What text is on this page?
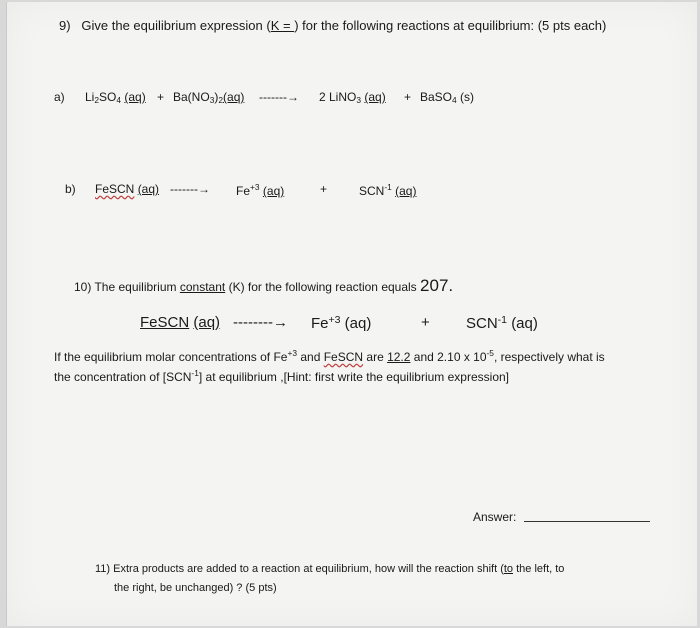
9) Give the equilibrium expression (K = ) for the following reactions at equilibrium: (5 pts each)
a) $Li_2SO_4$ $(aq) + Ba(NO_3)_2(aq)$ -------→ 2 LiNO$_3$ (aq) + BaSO$_4$ (s)
b) FeSCN (aq) -------→ $Fe^{+3}$ (aq)	+	$SCN^{-1}$ (aq)
10) The equilibrium constant (K) for the following reaction equals 207.
FeSCN (aq) --------→ $Fe^{+3}$ (aq)	+ $SCN^{-1}$ (aq)
If the equilibrium molar concentrations of $Fe^{+3}$ and FeSCN are 12.2 and 2.10 x $10^{-5}$, respectively what is
the concentration of $[SCN^{-1}]$ at equilibrium ,[Hint: first write the equilibrium expression]
Answer:
11) Extra products are added to a reaction at equilibrium, how will the reaction shift (to the left, to
the right, be unchanged) ? (5 pts)
